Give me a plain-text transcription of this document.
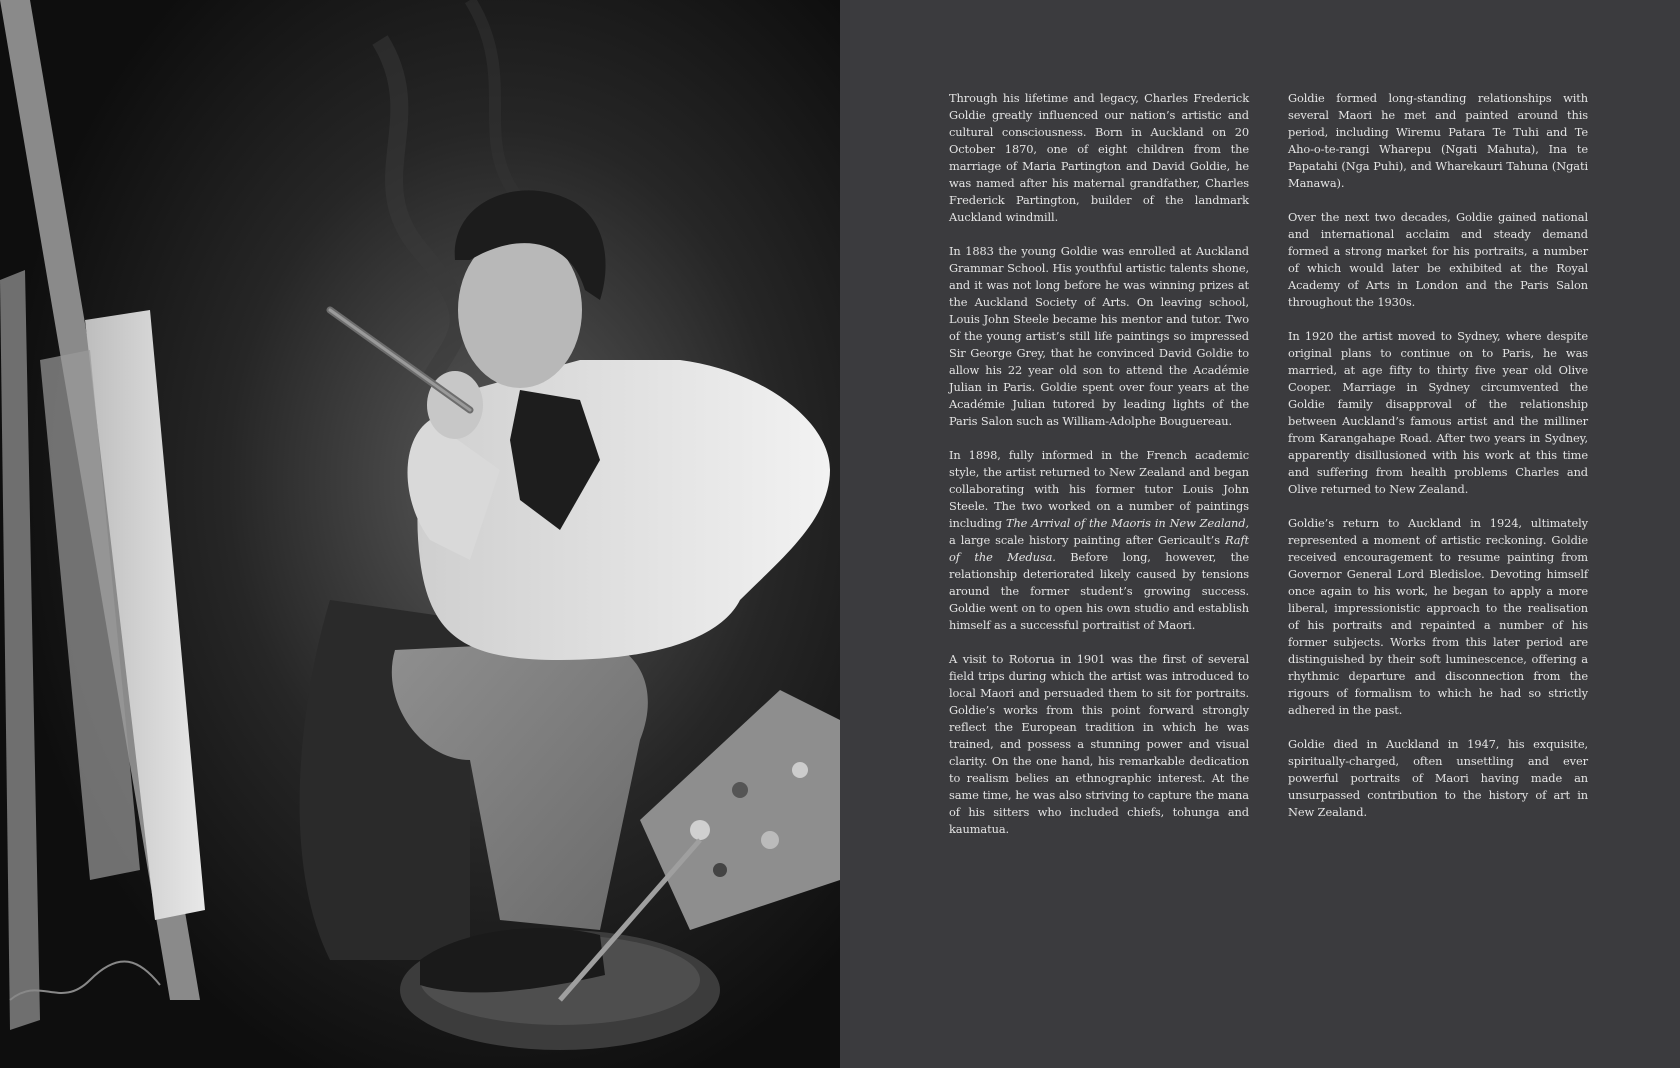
Through his lifetime and legacy, Charles Frederick Goldie greatly influenced our nation’s artistic and cultural consciousness. Born in Auckland on 20 October 1870, one of eight children from the marriage of Maria Partington and David Goldie, he was named after his maternal grandfather, Charles Frederick Partington, builder of the landmark Auckland windmill.

In 1883 the young Goldie was enrolled at Auckland Grammar School. His youthful artistic talents shone, and it was not long before he was winning prizes at the Auckland Society of Arts. On leaving school, Louis John Steele became his mentor and tutor. Two of the young artist’s still life paintings so impressed Sir George Grey, that he convinced David Goldie to allow his 22 year old son to attend the Académie Julian in Paris. Goldie spent over four years at the Académie Julian tutored by leading lights of the Paris Salon such as William-Adolphe Bouguereau.

In 1898, fully informed in the French academic style, the artist returned to New Zealand and began collaborating with his former tutor Louis John Steele. The two worked on a number of paintings including The Arrival of the Maoris in New Zealand, a large scale history painting after Gericault’s Raft of the Medusa. Before long, however, the relationship deteriorated likely caused by tensions around the former student’s growing success. Goldie went on to open his own studio and establish himself as a successful portraitist of Maori.

A visit to Rotorua in 1901 was the first of several field trips during which the artist was introduced to local Maori and persuaded them to sit for portraits. Goldie’s works from this point forward strongly reflect the European tradition in which he was trained, and possess a stunning power and visual clarity. On the one hand, his remarkable dedication to realism belies an ethnographic interest. At the same time, he was also striving to capture the mana of his sitters who included chiefs, tohunga and kaumatua.

Goldie formed long-standing relationships with several Maori he met and painted around this period, including Wiremu Patara Te Tuhi and Te Aho-o-te-rangi Wharepu (Ngati Mahuta), Ina te Papatahi (Nga Puhi), and Wharekauri Tahuna (Ngati Manawa).

Over the next two decades, Goldie gained national and international acclaim and steady demand formed a strong market for his portraits, a number of which would later be exhibited at the Royal Academy of Arts in London and the Paris Salon throughout the 1930s.

In 1920 the artist moved to Sydney, where despite original plans to continue on to Paris, he was married, at age fifty to thirty five year old Olive Cooper. Marriage in Sydney circumvented the Goldie family disapproval of the relationship between Auckland’s famous artist and the milliner from Karangahape Road. After two years in Sydney, apparently disillusioned with his work at this time and suffering from health problems Charles and Olive returned to New Zealand.

Goldie’s return to Auckland in 1924, ultimately represented a moment of artistic reckoning. Goldie received encouragement to resume painting from Governor General Lord Bledisloe. Devoting himself once again to his work, he began to apply a more liberal, impressionistic approach to the realisation of his portraits and repainted a number of his former subjects. Works from this later period are distinguished by their soft luminescence, offering a rhythmic departure and disconnection from the rigours of formalism to which he had so strictly adhered in the past.

Goldie died in Auckland in 1947, his exquisite, spiritually-charged, often unsettling and ever powerful portraits of Maori having made an unsurpassed contribution to the history of art in New Zealand.
